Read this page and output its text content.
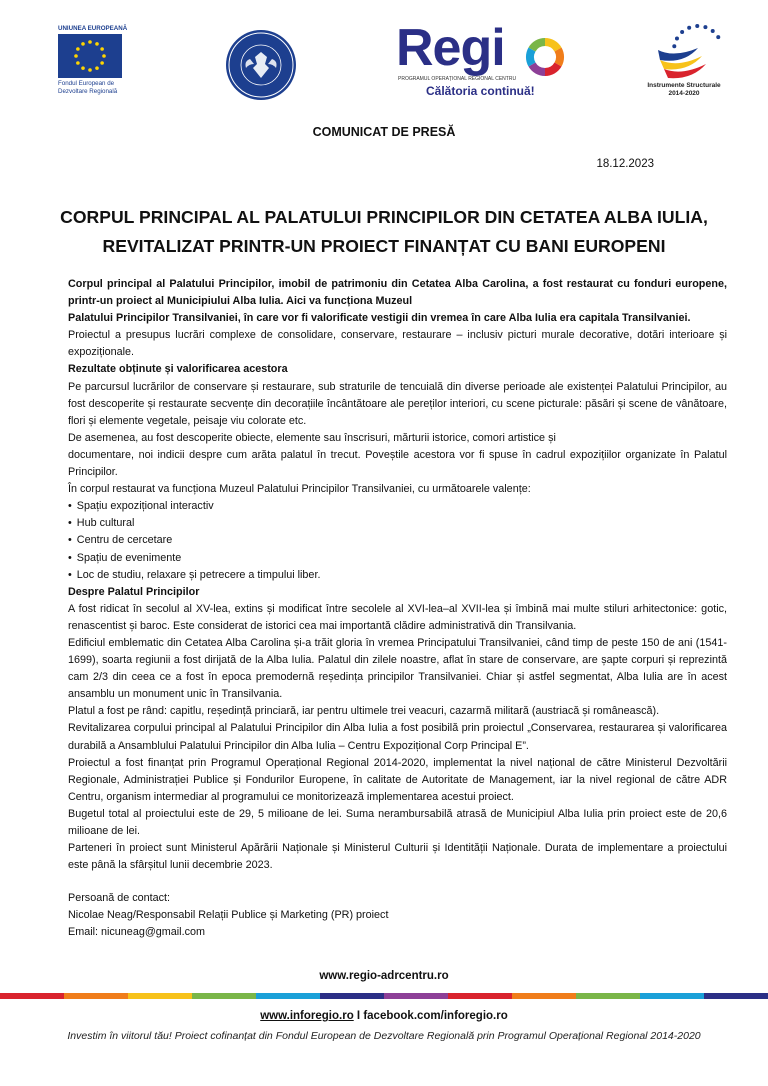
UNIUNEA EUROPEANĂ
Fondul European de
Dezvoltare Regională
Regi
PROGRAMUL OPERAȚIONAL REGIONAL CENTRU
Călătoria continuă!	Instrumente Structurale
2014-2020
COMUNICAT DE PRESĂ
18.12.2023
CORPUL PRINCIPAL AL PALATULUI PRINCIPILOR DIN CETATEA ALBA IULIA,
REVITALIZAT PRINTR-UN PROIECT FINANȚAT CU BANI EUROPENI

Corpul principal al Palatului Principilor, imobil de patrimoniu din Cetatea Alba Carolina, a fost restaurat cu fonduri europene, printr-un proiect al Municipiului Alba Iulia. Aici va funcționa Muzeul

Palatului Principilor Transilvaniei, în care vor fi valorificate vestigii din vremea în care Alba Iulia era capitala Transilvaniei.

Proiectul a presupus lucrări complexe de consolidare, conservare, restaurare – inclusiv picturi murale decorative, dotări interioare și expoziționale.

Rezultate obținute și valorificarea acestora

Pe parcursul lucrărilor de conservare și restaurare, sub straturile de tencuială din diverse perioade ale existenței Palatului Principilor, au fost descoperite și restaurate secvențe din decorațiile încântătoare ale pereților interiori, cu scene picturale: păsări și scene de vânătoare, flori și elemente vegetale, peisaje viu colorate etc.

De asemenea, au fost descoperite obiecte, elemente sau înscrisuri, mărturii istorice, comori artistice și

documentare, noi indicii despre cum arăta palatul în trecut. Poveștile acestora vor fi spuse în cadrul expozițiilor organizate în Palatul Principilor.

În corpul restaurat va funcționa Muzeul Palatului Principilor Transilvaniei, cu următoarele valențe:

• Spațiu expozițional interactiv
• Hub cultural
• Centru de cercetare
• Spațiu de evenimente
• Loc de studiu, relaxare și petrecere a timpului liber.

Despre Palatul Principilor

A fost ridicat în secolul al XV-lea, extins și modificat între secolele al XVI-lea–al XVII-lea și îmbină mai multe stiluri arhitectonice: gotic, renascentist și baroc. Este considerat de istorici cea mai importantă clădire administrativă din Transilvania.

Edificiul emblematic din Cetatea Alba Carolina și-a trăit gloria în vremea Principatului Transilvaniei, când timp de peste 150 de ani (1541-1699), soarta regiunii a fost dirijată de la Alba Iulia. Palatul din zilele noastre, aflat în stare de conservare, are șapte corpuri și reprezintă cam 2/3 din ceea ce a fost în epoca premodernă reședința principilor Transilvaniei. Chiar și astfel segmentat, Alba Iulia are în acest ansamblu un monument unic în Transilvania.

Platul a fost pe rând: capitlu, reședință princiară, iar pentru ultimele trei veacuri, cazarmă militară (austriacă și românească).

Revitalizarea corpului principal al Palatului Principilor din Alba Iulia a fost posibilă prin proiectul „Conservarea, restaurarea și valorificarea durabilă a Ansamblului Palatului Principilor din Alba Iulia – Centru Expozițional Corp Principal E”.

Proiectul a fost finanțat prin Programul Operațional Regional 2014-2020, implementat la nivel național de către Ministerul Dezvoltării Regionale, Administrației Publice și Fondurilor Europene, în calitate de Autoritate de Management, iar la nivel regional de către ADR Centru, organism intermediar al programului ce monitorizează implementarea acestui proiect.

Bugetul total al proiectului este de 29, 5 milioane de lei. Suma nerambursabilă atrasă de Municipiul Alba Iulia prin proiect este de 20,6 milioane de lei.

Parteneri în proiect sunt Ministerul Apărării Naționale și Ministerul Culturii și Identității Naționale. Durata de implementare a proiectului este până la sfârșitul lunii decembrie 2023.

Persoană de contact:

Nicolae Neag/Responsabil Relații Publice și Marketing (PR) proiect

Email: nicuneag@gmail.com

www.regio-adrcentru.ro
www.inforegio.ro I facebook.com/inforegio.ro
Investim în viitorul tău! Proiect cofinanțat din Fondul European de Dezvoltare Regională prin Programul Operațional Regional 2014-2020
